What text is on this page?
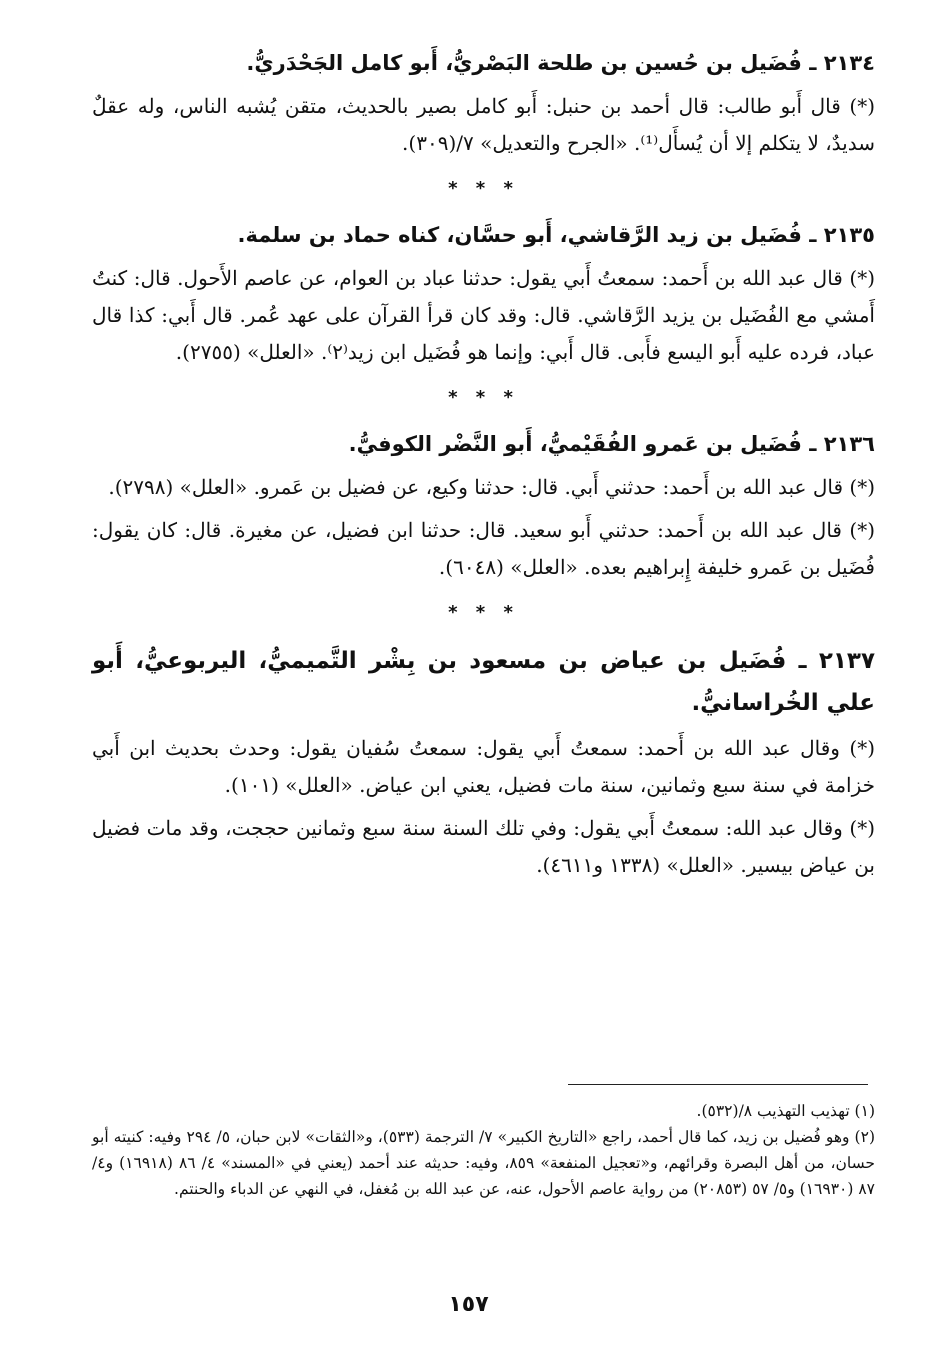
٢١٣٤ ـ فُضَيل بن حُسين بن طلحة البَصْريُّ، أَبو كامل الجَحْدَريُّ.

(*) قال أَبو طالب: قال أحمد بن حنبل: أَبو كامل بصير بالحديث، متقن يُشبه الناس، وله عقلٌ سديدٌ، لا يتكلم إلا أن يُسأَل⁽¹⁾. «الجرح والتعديل» ٧/(٣٠٩).

* * *

٢١٣٥ ـ فُضَيل بن زيد الرَّقاشي، أَبو حسَّان، كناه حماد بن سلمة.

(*) قال عبد الله بن أَحمد: سمعتُ أَبي يقول: حدثنا عباد بن العوام، عن عاصم الأَحول. قال: كنتُ أَمشي مع الفُضَيل بن يزيد الرَّقاشي. قال: وقد كان قرأ القرآن على عهد عُمر. قال أَبي: كذا قال عباد، فرده عليه أَبو اليسع فأَبى. قال أَبي: وإنما هو فُضَيل ابن زيد⁽٢⁾. «العلل» (٢٧٥٥).

* * *

٢١٣٦ ـ فُضَيل بن عَمرو الفُقَيْميُّ، أَبو النَّضْر الكوفيُّ.

(*) قال عبد الله بن أَحمد: حدثني أَبي. قال: حدثنا وكيع، عن فضيل بن عَمرو. «العلل» (٢٧٩٨).

(*) قال عبد الله بن أَحمد: حدثني أَبو سعيد. قال: حدثنا ابن فضيل، عن مغيرة. قال: كان يقول: فُضَيل بن عَمرو خليفة إِبراهيم بعده. «العلل» (٦٠٤٨).

* * *

٢١٣٧ ـ فُضَيل بن عياض بن مسعود بن بِشْر التَّميميُّ، اليربوعيُّ، أَبو علي الخُراسانيُّ.

(*) وقال عبد الله بن أَحمد: سمعتُ أَبي يقول: سمعتُ سُفيان يقول: وحدث بحديث ابن أَبي خزامة في سنة سبع وثمانين، سنة مات فضيل، يعني ابن عياض. «العلل» (١٠١).

(*) وقال عبد الله: سمعتُ أَبي يقول: وفي تلك السنة سنة سبع وثمانين حججت، وقد مات فضيل بن عياض بيسير. «العلل» (١٣٣٨ و٤٦١١).

(١) تهذيب التهذيب ٨/(٥٣٢).

(٢) وهو فُضيل بن زيد، كما قال أحمد، راجع «التاريخ الكبير» ٧/ الترجمة (٥٣٣)، و«الثقات» لابن حبان، ٥/ ٢٩٤ وفيه: كنيته أبو حسان، من أهل البصرة وقرائهم، و«تعجيل المنفعة» ٨٥٩، وفيه: حديثه عند أحمد (يعني في «المسند» ٤/ ٨٦ (١٦٩١٨) و٤/ ٨٧ (١٦٩٣٠) و٥/ ٥٧ (٢٠٨٥٣) من رواية عاصم الأحول، عنه، عن عبد الله بن مُغفل، في النهي عن الدباء والحنتم.

١٥٧
